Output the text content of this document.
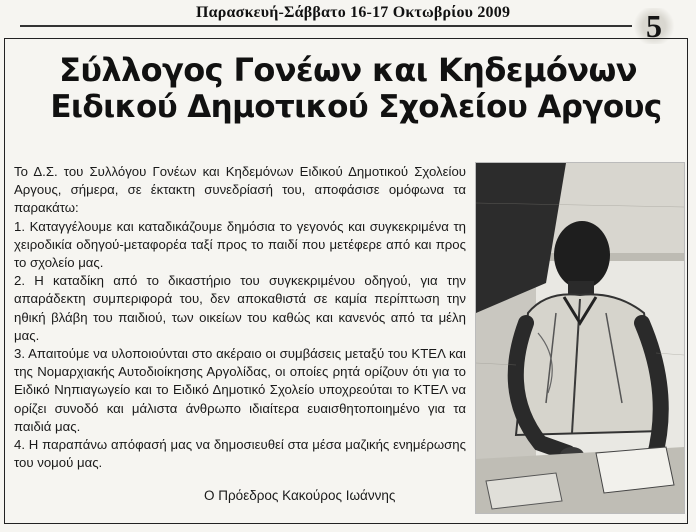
Παρασκευή-Σάββατο 16-17 Οκτωβρίου 2009	5
Σύλλογος Γονέων και Κηδεμόνων
Ειδικού Δημοτικού Σχολείου Αργους

Το Δ.Σ. του Συλλόγου Γονέων και Κηδεμόνων Ειδικού Δημοτικού Σχολείου Αργους, σήμερα, σε έκτακτη συνεδρίασή του, αποφάσισε ομόφωνα τα παρακάτω:

1. Καταγγέλουμε και καταδικάζουμε δημόσια το γεγονός και συγκεκριμένα τη χειροδικία οδηγού-μεταφορέα ταξί προς το παιδί που μετέφερε από και προς το σχολείο μας.

2. Η καταδίκη από το δικαστήριο του συγκεκριμένου οδηγού, για την απαράδεκτη συμπεριφορά του, δεν αποκαθιστά σε καμία περίπτωση την ηθική βλάβη του παιδιού, των οικείων του καθώς και κανενός από τα μέλη μας.

3. Απαιτούμε να υλοποιούνται στο ακέραιο οι συμβάσεις μεταξύ του ΚΤΕΛ και της Νομαρχιακής Αυτοδιοίκησης Αργολίδας, οι οποίες ρητά ορίζουν ότι για το Ειδικό Νηπιαγωγείο και το Ειδικό Δημοτικό Σχολείο υποχρεούται το ΚΤΕΛ να ορίζει συνοδό και μάλιστα άνθρωπο ιδιαίτερα ευαισθητοποιημένο για τα παιδιά μας.

4. Η παραπάνω απόφασή μας να δημοσιευθεί στα μέσα μαζικής ενημέρωσης του νομού μας.

Ο Πρόεδρος Κακούρος Ιωάννης
